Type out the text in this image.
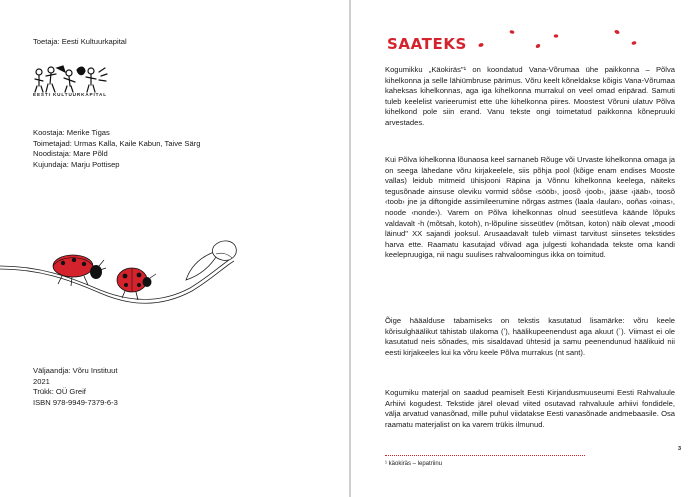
Toetaja: Eesti Kultuurkapital
EESTI KULTUURKAPITAL
Koostaja: Merike Tigas
Toimetajad: Urmas Kalla, Kaile Kabun, Taive Särg
Noodistaja: Mare Põld
Kujundaja: Marju Pottisep
Väljaandja: Võru Instituut
2021
Trükk: OÜ Greif
ISBN 978-9949-7379-6-3
SAATEKS

Kogumikku „Käokiräs"¹ on koondatud Vana-Võrumaa ühe paikkonna – Põlva kihelkonna ja selle lähiümbruse pärimus. Võru keelt kõneldakse kõigis Vana-Võrumaa kaheksas kihelkonnas, aga iga kihelkonna murrakul on veel omad eripärad. Samuti tuleb keelelist varieerumist ette ühe kihelkonna piires. Moostest Võruni ulatuv Põlva kihelkond pole siin erand. Vanu tekste ongi toimetatud paikkonna kõnepruuki arvestades.

Kui Põlva kihelkonna lõunaosa keel sarnaneb Rõuge või Urvaste kihelkonna omaga ja on seega lähedane võru kirjakeelele, siis põhja pool (kõige enam endises Mooste vallas) leidub mitmeid ühisjooni Räpina ja Võnnu kihelkonna keelega, näiteks tegusõnade ainsuse oleviku vormid sôôse ‹sööb›, joosõ ‹joob›, jääse ‹jääb›, toosõ ‹toob› jne ja diftongide assimileerumine nõrgas astmes (laala ‹laulan›, ooñas ‹oinas›, noode ‹nonde›). Varem on Põlva kihelkonnas olnud seesütleva käände lõpuks valdavalt -h (mõtsah, kotoh), n-lõpuline sisseütlev (mõtsan, koton) näib olevat „moodi läinud" XX sajandi jooksul. Arusaadavalt tuleb viimast tarvitust siinsetes tekstides harva ette. Raamatu kasutajad võivad aga julgesti kohandada tekste oma kandi keelepruugiga, nii nagu suulises rahvaloomingus ikka on toimitud.

Õige hääalduse tabamiseks on tekstis kasutatud lisamärke: võru keele kõrisulghäälikut tähistab ülakoma (ʼ), häälikupeenendust aga akuut (´). Viimast ei ole kasutatud neis sõnades, mis sisaldavad ühtesid ja samu peenendunud häälikuid nii eesti kirjakeeles kui ka võru keele Põlva murrakus (nt sant).

Kogumiku materjal on saadud peamiselt Eesti Kirjandusmuuseumi Eesti Rahvaluule Arhiivi kogudest. Tekstide järel olevad viited osutavad rahvaluule arhiivi fondidele, välja arvatud vanasõnad, mille puhul viidatakse Eesti vanasõnade andmebaasile. Osa raamatu materjalist on ka varem trükis ilmunud.

¹ käokiräs – lepatriinu
3
